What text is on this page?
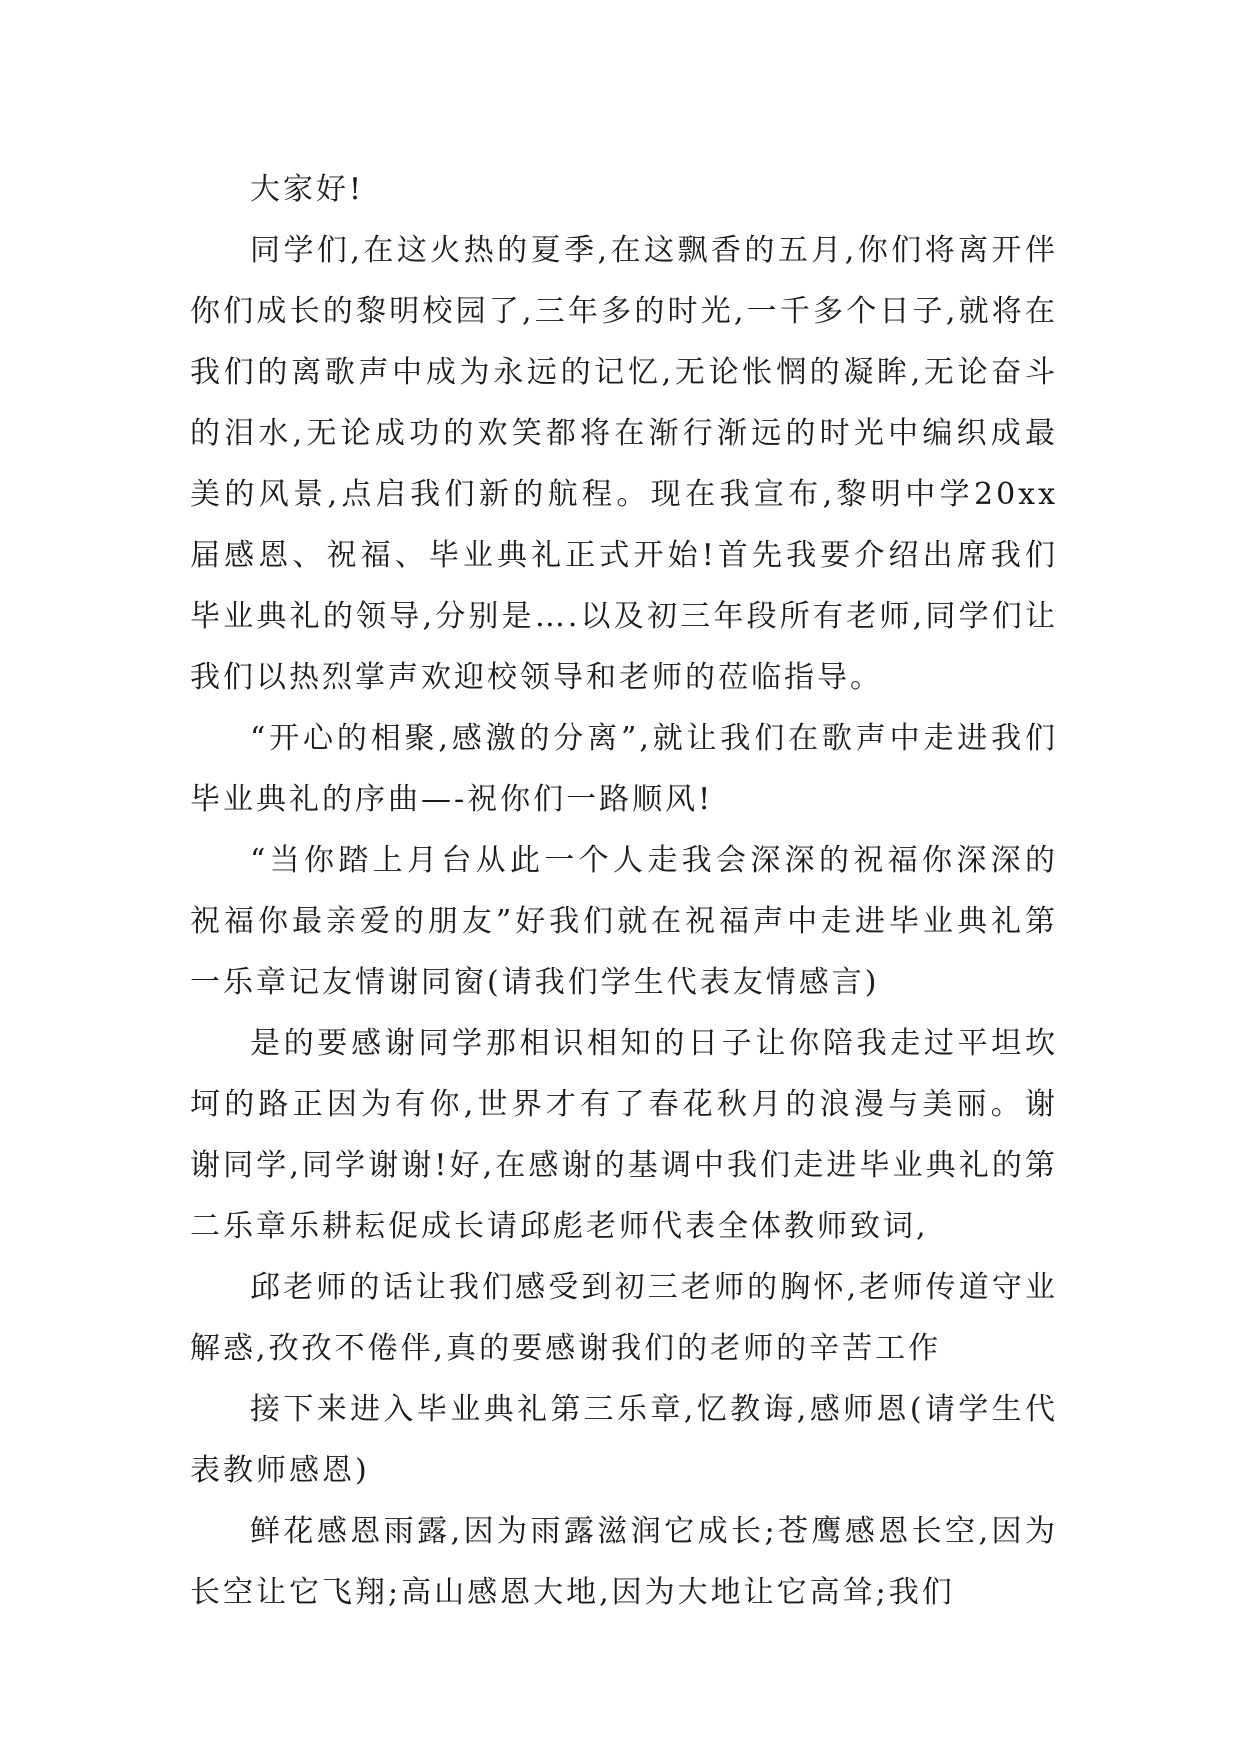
大家好!

同学们,在这火热的夏季,在这飘香的五月,你们将离开伴你们成长的黎明校园了,三年多的时光,一千多个日子,就将在我们的离歌声中成为永远的记忆,无论怅惘的凝眸,无论奋斗的泪水,无论成功的欢笑都将在渐行渐远的时光中编织成最美的风景,点启我们新的航程。现在我宣布,黎明中学20xx届感恩、祝福、毕业典礼正式开始!首先我要介绍出席我们毕业典礼的领导,分别是….以及初三年段所有老师,同学们让我们以热烈掌声欢迎校领导和老师的莅临指导。

“开心的相聚,感激的分离”,就让我们在歌声中走进我们毕业典礼的序曲—-祝你们一路顺风!

“当你踏上月台从此一个人走我会深深的祝福你深深的祝福你最亲爱的朋友”好我们就在祝福声中走进毕业典礼第一乐章记友情谢同窗(请我们学生代表友情感言)

是的要感谢同学那相识相知的日子让你陪我走过平坦坎坷的路正因为有你,世界才有了春花秋月的浪漫与美丽。谢谢同学,同学谢谢!好,在感谢的基调中我们走进毕业典礼的第二乐章乐耕耘促成长请邱彪老师代表全体教师致词,

邱老师的话让我们感受到初三老师的胸怀,老师传道守业解惑,孜孜不倦伴,真的要感谢我们的老师的辛苦工作

接下来进入毕业典礼第三乐章,忆教诲,感师恩(请学生代表教师感恩)

鲜花感恩雨露,因为雨露滋润它成长;苍鹰感恩长空,因为长空让它飞翔;高山感恩大地,因为大地让它高耸;我们
